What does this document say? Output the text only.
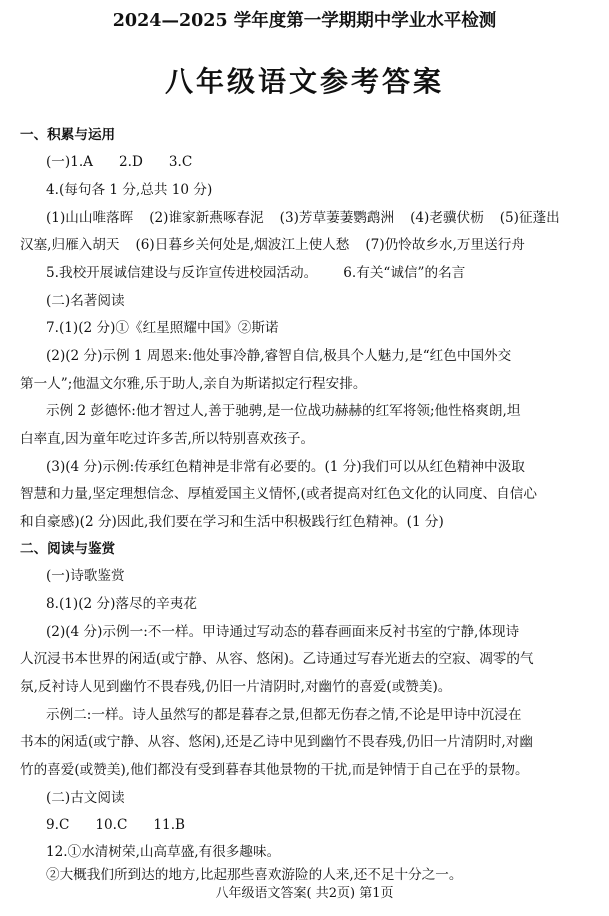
2024—2025 学年度第一学期期中学业水平检测
八年级语文参考答案
一、积累与运用
(一)1.A 2.D 3.C
4.(每句各 1 分,总共 10 分)
(1)山山唯落晖 (2)谁家新燕啄春泥 (3)芳草萋萋鹦鹉洲 (4)老骥伏枥 (5)征蓬出
汉塞,归雁入胡天 (6)日暮乡关何处是,烟波江上使人愁 (7)仍怜故乡水,万里送行舟
5.我校开展诚信建设与反诈宣传进校园活动。 6.有关“诚信”的名言
(二)名著阅读
7.(1)(2 分)①《红星照耀中国》②斯诺
(2)(2 分)示例 1 周恩来:他处事冷静,睿智自信,极具个人魅力,是“红色中国外交
第一人”;他温文尔雅,乐于助人,亲自为斯诺拟定行程安排。
示例 2 彭德怀:他才智过人,善于驰骋,是一位战功赫赫的红军将领;他性格爽朗,坦
白率直,因为童年吃过许多苦,所以特别喜欢孩子。
(3)(4 分)示例:传承红色精神是非常有必要的。(1 分)我们可以从红色精神中汲取
智慧和力量,坚定理想信念、厚植爱国主义情怀,(或者提高对红色文化的认同度、自信心
和自豪感)(2 分)因此,我们要在学习和生活中积极践行红色精神。(1 分)
二、阅读与鉴赏
(一)诗歌鉴赏
8.(1)(2 分)落尽的辛夷花
(2)(4 分)示例一:不一样。甲诗通过写动态的暮春画面来反衬书室的宁静,体现诗
人沉浸书本世界的闲适(或宁静、从容、悠闲)。乙诗通过写春光逝去的空寂、凋零的气
氛,反衬诗人见到幽竹不畏春残,仍旧一片清阴时,对幽竹的喜爱(或赞美)。
示例二:一样。诗人虽然写的都是暮春之景,但都无伤春之情,不论是甲诗中沉浸在
书本的闲适(或宁静、从容、悠闲),还是乙诗中见到幽竹不畏春残,仍旧一片清阴时,对幽
竹的喜爱(或赞美),他们都没有受到暮春其他景物的干扰,而是钟情于自己在乎的景物。
(二)古文阅读
9.C 10.C 11.B
12.①水清树荣,山高草盛,有很多趣味。
②大概我们所到达的地方,比起那些喜欢游险的人来,还不足十分之一。
八年级语文答案( 共2页) 第1页
